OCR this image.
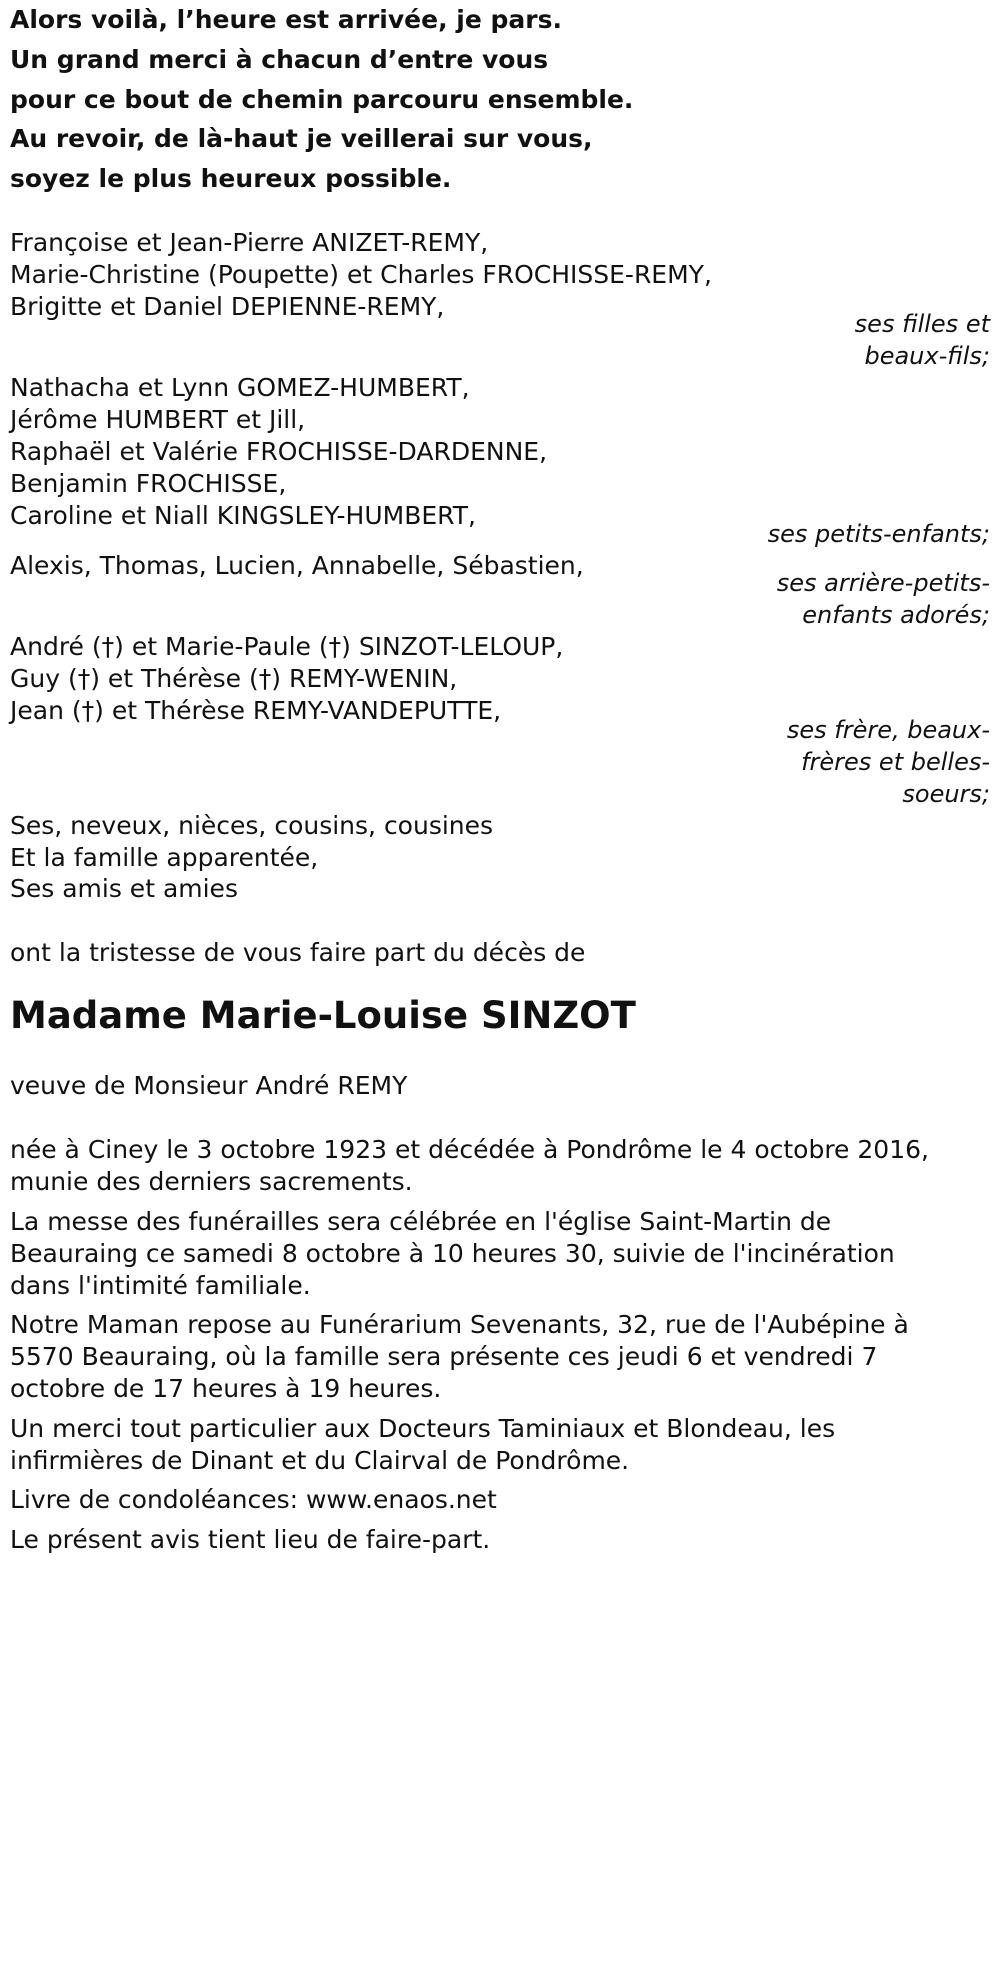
Alors voilà, l’heure est arrivée, je pars.
Un grand merci à chacun d’entre vous
pour ce bout de chemin parcouru ensemble.
Au revoir, de là-haut je veillerai sur vous,
soyez le plus heureux possible.
Françoise et Jean-Pierre ANIZET-REMY,
Marie-Christine (Poupette) et Charles FROCHISSE-REMY,
Brigitte et Daniel DEPIENNE-REMY,
ses filles et
beaux-fils;
Nathacha et Lynn GOMEZ-HUMBERT,
Jérôme HUMBERT et Jill,
Raphaël et Valérie FROCHISSE-DARDENNE,
Benjamin FROCHISSE,
Caroline et Niall KINGSLEY-HUMBERT,
ses petits-enfants;
Alexis, Thomas, Lucien, Annabelle, Sébastien,
ses arrière-petits-
enfants adorés;
André (†) et Marie-Paule (†) SINZOT-LELOUP,
Guy (†) et Thérèse (†) REMY-WENIN,
Jean (†) et Thérèse REMY-VANDEPUTTE,
ses frère, beaux-
frères et belles-
soeurs;
Ses, neveux, nièces, cousins, cousines
Et la famille apparentée,
Ses amis et amies
ont la tristesse de vous faire part du décès de
Madame Marie-Louise SINZOT
veuve de Monsieur André REMY
née à Ciney le 3 octobre 1923 et décédée à Pondrôme le 4 octobre 2016,
munie des derniers sacrements.
La messe des funérailles sera célébrée en l'église Saint-Martin de
Beauraing ce samedi 8 octobre à 10 heures 30, suivie de l'incinération
dans l'intimité familiale.
Notre Maman repose au Funérarium Sevenants, 32, rue de l'Aubépine à
5570 Beauraing, où la famille sera présente ces jeudi 6 et vendredi 7
octobre de 17 heures à 19 heures.
Un merci tout particulier aux Docteurs Taminiaux et Blondeau, les
infirmières de Dinant et du Clairval de Pondrôme.
Livre de condoléances: www.enaos.net
Le présent avis tient lieu de faire-part.
